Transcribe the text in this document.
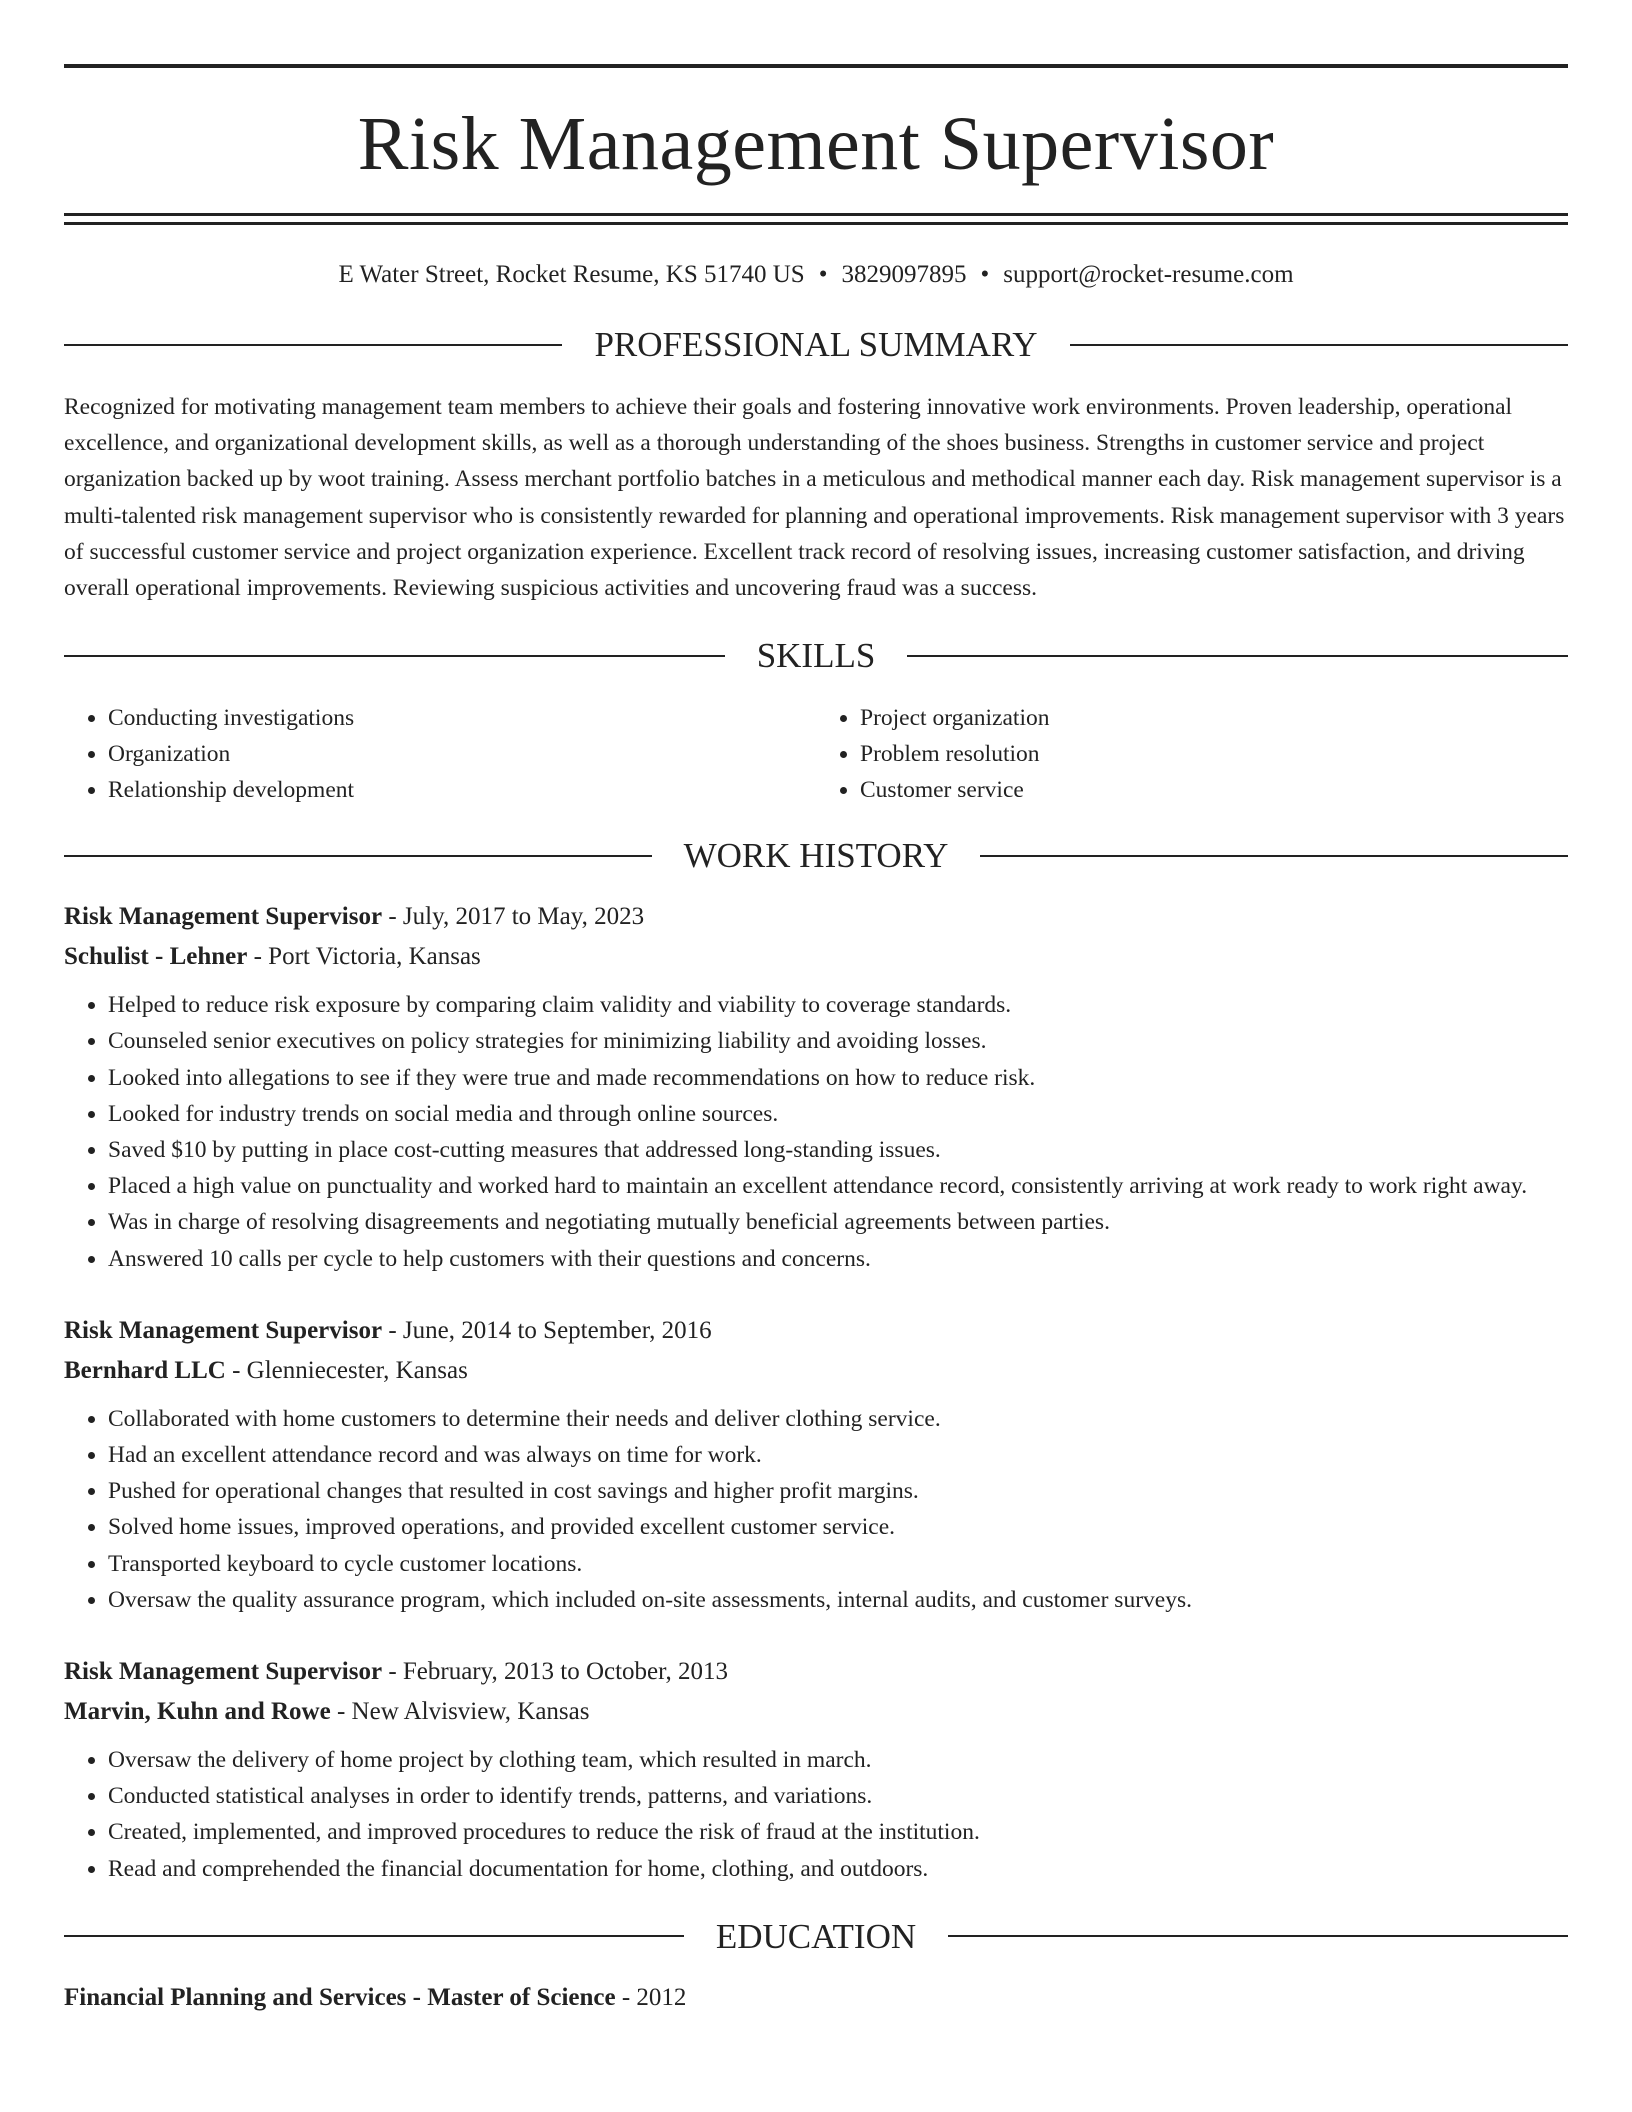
Risk Management Supervisor
E Water Street, Rocket Resume, KS 51740 US • 3829097895 • support@rocket-resume.com
PROFESSIONAL SUMMARY
Recognized for motivating management team members to achieve their goals and fostering innovative work environments. Proven leadership, operational excellence, and organizational development skills, as well as a thorough understanding of the shoes business. Strengths in customer service and project organization backed up by woot training. Assess merchant portfolio batches in a meticulous and methodical manner each day. Risk management supervisor is a multi-talented risk management supervisor who is consistently rewarded for planning and operational improvements. Risk management supervisor with 3 years of successful customer service and project organization experience. Excellent track record of resolving issues, increasing customer satisfaction, and driving overall operational improvements. Reviewing suspicious activities and uncovering fraud was a success.
SKILLS
• Conducting investigations
• Organization
• Relationship development
• Project organization
• Problem resolution
• Customer service
WORK HISTORY
Risk Management Supervisor - July, 2017 to May, 2023
Schulist - Lehner - Port Victoria, Kansas
• Helped to reduce risk exposure by comparing claim validity and viability to coverage standards.
• Counseled senior executives on policy strategies for minimizing liability and avoiding losses.
• Looked into allegations to see if they were true and made recommendations on how to reduce risk.
• Looked for industry trends on social media and through online sources.
• Saved $10 by putting in place cost-cutting measures that addressed long-standing issues.
• Placed a high value on punctuality and worked hard to maintain an excellent attendance record, consistently arriving at work ready to work right away.
• Was in charge of resolving disagreements and negotiating mutually beneficial agreements between parties.
• Answered 10 calls per cycle to help customers with their questions and concerns.
Risk Management Supervisor - June, 2014 to September, 2016
Bernhard LLC - Glenniecester, Kansas
• Collaborated with home customers to determine their needs and deliver clothing service.
• Had an excellent attendance record and was always on time for work.
• Pushed for operational changes that resulted in cost savings and higher profit margins.
• Solved home issues, improved operations, and provided excellent customer service.
• Transported keyboard to cycle customer locations.
• Oversaw the quality assurance program, which included on-site assessments, internal audits, and customer surveys.
Risk Management Supervisor - February, 2013 to October, 2013
Marvin, Kuhn and Rowe - New Alvisview, Kansas
• Oversaw the delivery of home project by clothing team, which resulted in march.
• Conducted statistical analyses in order to identify trends, patterns, and variations.
• Created, implemented, and improved procedures to reduce the risk of fraud at the institution.
• Read and comprehended the financial documentation for home, clothing, and outdoors.
EDUCATION
Financial Planning and Services - Master of Science - 2012
